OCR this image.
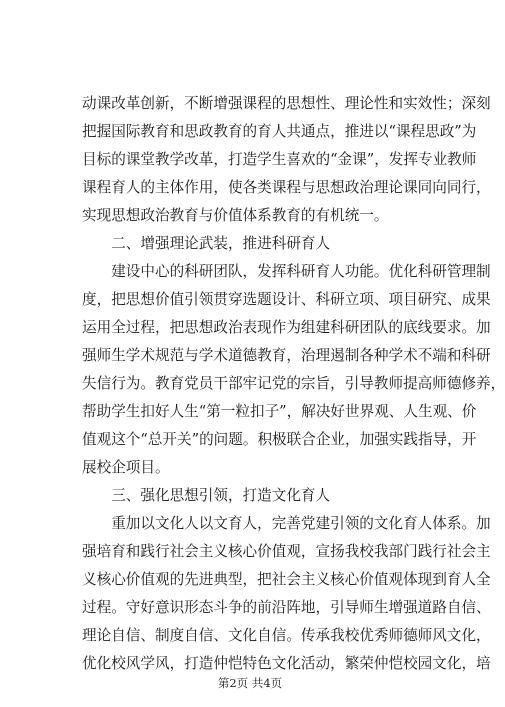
动课改革创新，不断增强课程的思想性、理论性和实效性；深刻
把握国际教育和思政教育的育人共通点，推进以“课程思政”为
目标的课堂教学改革，打造学生喜欢的“金课”，发挥专业教师
课程育人的主体作用，使各类课程与思想政治理论课同向同行，
实现思想政治教育与价值体系教育的有机统一。
　　二、增强理论武装，推进科研育人
　　建设中心的科研团队，发挥科研育人功能。优化科研管理制
度，把思想价值引领贯穿选题设计、科研立项、项目研究、成果
运用全过程，把思想政治表现作为组建科研团队的底线要求。加
强师生学术规范与学术道德教育，治理遏制各种学术不端和科研
失信行为。教育党员干部牢记党的宗旨，引导教师提高师德修养，
帮助学生扣好人生“第一粒扣子”，解决好世界观、人生观、价
值观这个“总开关”的问题。积极联合企业，加强实践指导，开
展校企项目。
　　三、强化思想引领，打造文化育人
　　重加以文化人以文育人，完善党建引领的文化育人体系。加
强培育和践行社会主义核心价值观，宣扬我校我部门践行社会主
义核心价值观的先进典型，把社会主义核心价值观体现到育人全
过程。守好意识形态斗争的前沿阵地，引导师生增强道路自信、
理论自信、制度自信、文化自信。传承我校优秀师德师风文化，
优化校风学风，打造仲恺特色文化活动，繁荣仲恺校园文化，培
第2页 共4页
